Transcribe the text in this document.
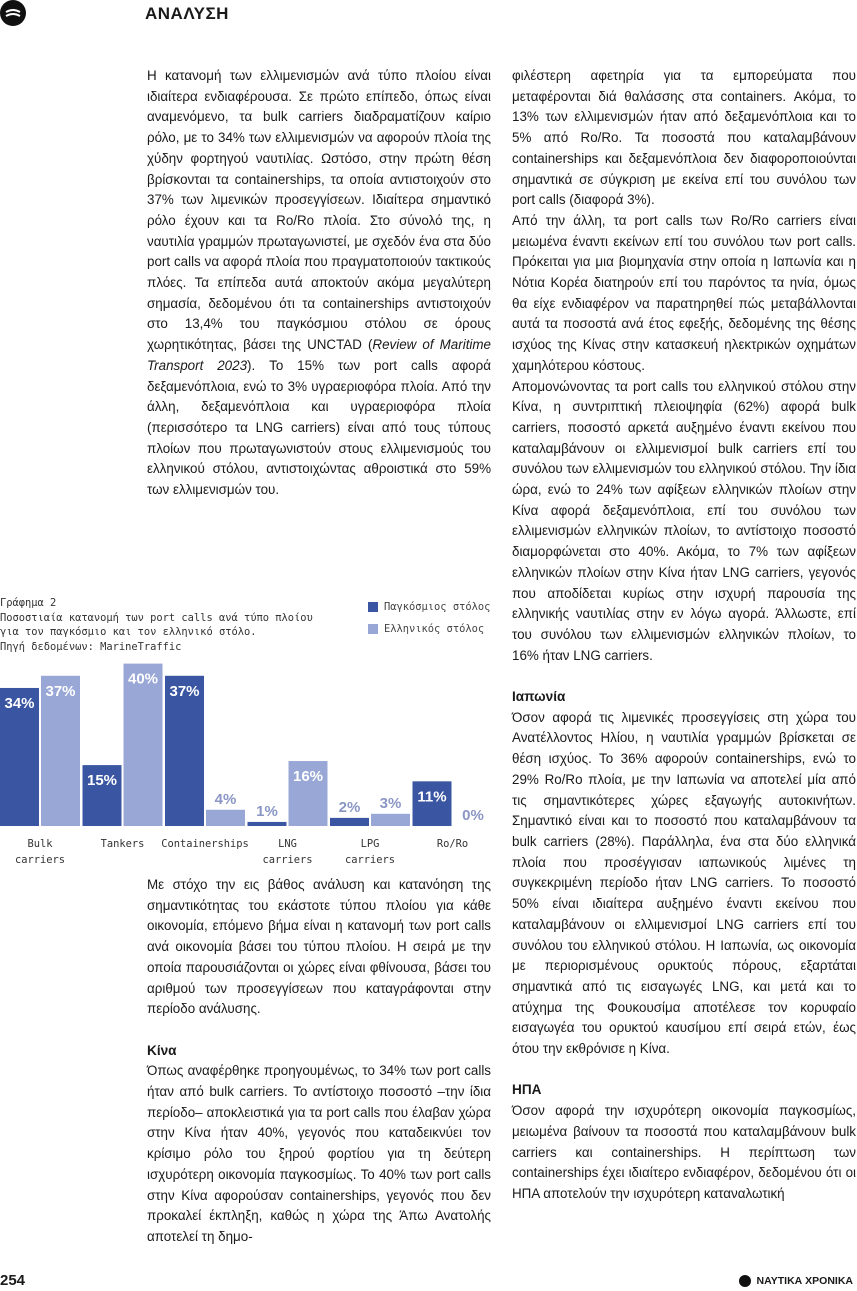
ΑΝΑΛΥΣΗ

Η κατανομή των ελλιμενισμών ανά τύπο πλοίου είναι ιδιαίτερα ενδιαφέρουσα. Σε πρώτο επίπεδο, όπως είναι αναμενόμενο, τα bulk carriers διαδραματίζουν καίριο ρόλο, με το 34% των ελλιμενισμών να αφορούν πλοία της χύδην φορτηγού ναυτιλίας. Ωστόσο, στην πρώτη θέση βρίσκονται τα containerships, τα οποία αντιστοιχούν στο 37% των λιμενικών προσεγγίσεων. Ιδιαίτερα σημαντικό ρόλο έχουν και τα Ro/Ro πλοία. Στο σύνολό της, η ναυτιλία γραμμών πρωταγωνιστεί, με σχεδόν ένα στα δύο port calls να αφορά πλοία που πραγματοποιούν τακτικούς πλόες. Τα επίπεδα αυτά αποκτούν ακόμα μεγαλύτερη σημασία, δεδομένου ότι τα containerships αντιστοιχούν στο 13,4% του παγκόσμιου στόλου σε όρους χωρητικότητας, βάσει της UNCTAD (Review of Maritime Transport 2023). Το 15% των port calls αφορά δεξαμενόπλοια, ενώ το 3% υγραεριοφόρα πλοία. Από την άλλη, δεξαμενόπλοια και υγραεριοφόρα πλοία (περισσότερο τα LNG carriers) είναι από τους τύπους πλοίων που πρωταγωνιστούν στους ελλιμενισμούς του ελληνικού στόλου, αντιστοιχώντας αθροιστικά στο 59% των ελλιμενισμών του.

Γράφημα 2
Ποσοστιαία κατανομή των port calls ανά τύπο πλοίου
για τον παγκόσμιο και τον ελληνικό στόλο.
Πηγή δεδομένων: MarineTraffic
Παγκόσμιος στόλος
Ελληνικός στόλος
34%
37%
Bulk
carriers
15%
40%
Tankers
37%
4%
Containerships
1%
16%
LNG
carriers
2% 3%
LPG
carriers
11%
0%
Ro/Ro

Με στόχο την εις βάθος ανάλυση και κατανόηση της σημαντικότητας του εκάστοτε τύπου πλοίου για κάθε οικονομία, επόμενο βήμα είναι η κατανομή των port calls ανά οικονομία βάσει του τύπου πλοίου. Η σειρά με την οποία παρουσιάζονται οι χώρες είναι φθίνουσα, βάσει του αριθμού των προσεγγίσεων που καταγράφονται στην περίοδο ανάλυσης.

Κίνα

Όπως αναφέρθηκε προηγουμένως, το 34% των port calls ήταν από bulk carriers. Το αντίστοιχο ποσοστό –την ίδια περίοδο– αποκλειστικά για τα port calls που έλαβαν χώρα στην Κίνα ήταν 40%, γεγονός που καταδεικνύει τον κρίσιμο ρόλο του ξηρού φορτίου για τη δεύτερη ισχυρότερη οικονομία παγκοσμίως. Το 40% των port calls στην Κίνα αφορούσαν containerships, γεγονός που δεν προκαλεί έκπληξη, καθώς η χώρα της Άπω Ανατολής αποτελεί τη δημο-

φιλέστερη αφετηρία για τα εμπορεύματα που μεταφέρονται διά θαλάσσης στα containers. Ακόμα, το 13% των ελλιμενισμών ήταν από δεξαμενόπλοια και το 5% από Ro/Ro. Τα ποσοστά που καταλαμβάνουν containerships και δεξαμενόπλοια δεν διαφοροποιούνται σημαντικά σε σύγκριση με εκείνα επί του συνόλου των port calls (διαφορά 3%).

Από την άλλη, τα port calls των Ro/Ro carriers είναι μειωμένα έναντι εκείνων επί του συνόλου των port calls. Πρόκειται για μια βιομηχανία στην οποία η Ιαπωνία και η Νότια Κορέα διατηρούν επί του παρόντος τα ηνία, όμως θα είχε ενδιαφέρον να παρατηρηθεί πώς μεταβάλλονται αυτά τα ποσοστά ανά έτος εφεξής, δεδομένης της θέσης ισχύος της Κίνας στην κατασκευή ηλεκτρικών οχημάτων χαμηλότερου κόστους.

Απομονώνοντας τα port calls του ελληνικού στόλου στην Κίνα, η συντριπτική πλειοψηφία (62%) αφορά bulk carriers, ποσοστό αρκετά αυξημένο έναντι εκείνου που καταλαμβάνουν οι ελλιμενισμοί bulk carriers επί του συνόλου των ελλιμενισμών του ελληνικού στόλου. Την ίδια ώρα, ενώ το 24% των αφίξεων ελληνικών πλοίων στην Κίνα αφορά δεξαμενόπλοια, επί του συνόλου των ελλιμενισμών ελληνικών πλοίων, το αντίστοιχο ποσοστό διαμορφώνεται στο 40%. Ακόμα, το 7% των αφίξεων ελληνικών πλοίων στην Κίνα ήταν LNG carriers, γεγονός που αποδίδεται κυρίως στην ισχυρή παρουσία της ελληνικής ναυτιλίας στην εν λόγω αγορά. Άλλωστε, επί του συνόλου των ελλιμενισμών ελληνικών πλοίων, το 16% ήταν LNG carriers.

Ιαπωνία

Όσον αφορά τις λιμενικές προσεγγίσεις στη χώρα του Ανατέλλοντος Ηλίου, η ναυτιλία γραμμών βρίσκεται σε θέση ισχύος. Το 36% αφορούν containerships, ενώ το 29% Ro/Ro πλοία, με την Ιαπωνία να αποτελεί μία από τις σημαντικότερες χώρες εξαγωγής αυτοκινήτων. Σημαντικό είναι και το ποσοστό που καταλαμβάνουν τα bulk carriers (28%). Παράλληλα, ένα στα δύο ελληνικά πλοία που προσέγγισαν ιαπωνικούς λιμένες τη συγκεκριμένη περίοδο ήταν LNG carriers. Το ποσοστό 50% είναι ιδιαίτερα αυξημένο έναντι εκείνου που καταλαμβάνουν οι ελλιμενισμοί LNG carriers επί του συνόλου του ελληνικού στόλου. Η Ιαπωνία, ως οικονομία με περιορισμένους ορυκτούς πόρους, εξαρτάται σημαντικά από τις εισαγωγές LNG, και μετά και το ατύχημα της Φουκουσίμα αποτέλεσε τον κορυφαίο εισαγωγέα του ορυκτού καυσίμου επί σειρά ετών, έως ότου την εκθρόνισε η Κίνα.

ΗΠΑ

Όσον αφορά την ισχυρότερη οικονομία παγκοσμίως, μειωμένα βαίνουν τα ποσοστά που καταλαμβάνουν bulk carriers και containerships. Η περίπτωση των containerships έχει ιδιαίτερο ενδιαφέρον, δεδομένου ότι οι ΗΠΑ αποτελούν την ισχυρότερη καταναλωτική

254	ΝΑΥΤΙΚΑ ΧΡΟΝΙΚΑ
